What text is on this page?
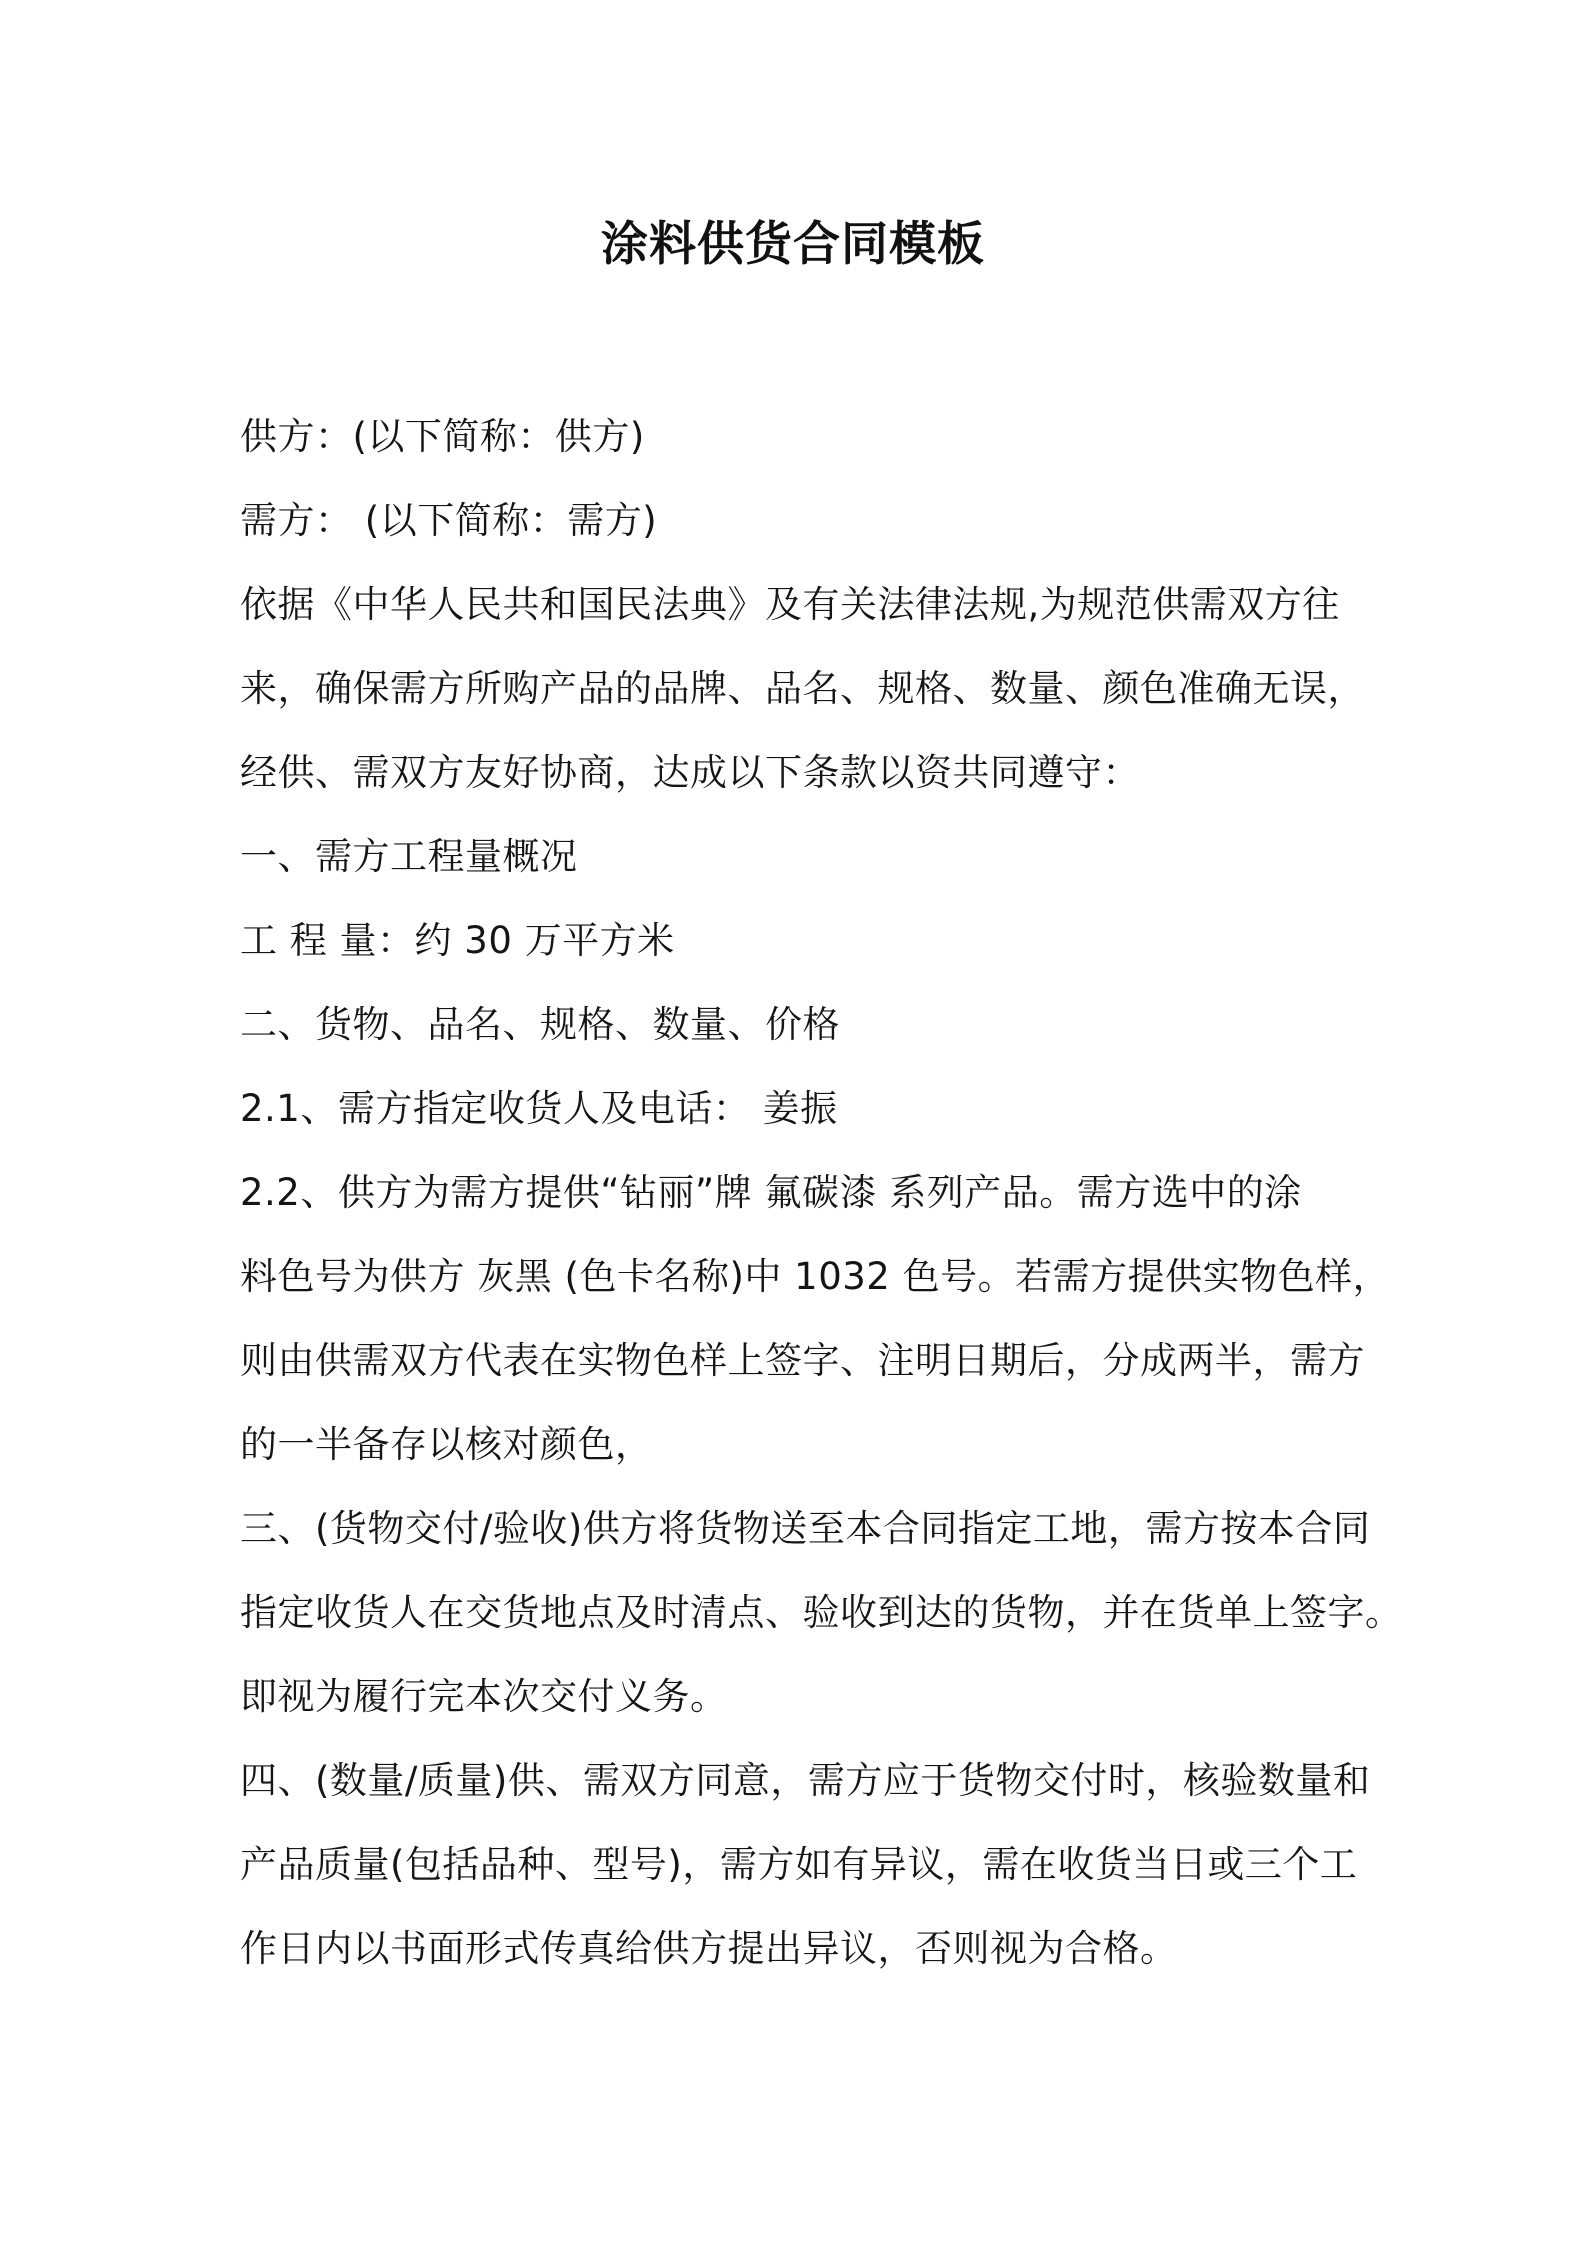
涂料供货合同模板
供方：(以下简称：供方)
需方： (以下简称：需方)
依据《中华人民共和国民法典》及有关法律法规,为规范供需双方往
来，确保需方所购产品的品牌、品名、规格、数量、颜色准确无误，
经供、需双方友好协商，达成以下条款以资共同遵守：
一、需方工程量概况
工 程 量：约 30 万平方米
二、货物、品名、规格、数量、价格
2.1、需方指定收货人及电话： 姜振
2.2、供方为需方提供“钻丽”牌 氟碳漆 系列产品。需方选中的涂
料色号为供方 灰黑 (色卡名称)中 1032 色号。若需方提供实物色样，
则由供需双方代表在实物色样上签字、注明日期后，分成两半，需方
的一半备存以核对颜色，
三、(货物交付/验收)供方将货物送至本合同指定工地，需方按本合同
指定收货人在交货地点及时清点、验收到达的货物，并在货单上签字。
即视为履行完本次交付义务。
四、(数量/质量)供、需双方同意，需方应于货物交付时，核验数量和
产品质量(包括品种、型号)，需方如有异议，需在收货当日或三个工
作日内以书面形式传真给供方提出异议，否则视为合格。
